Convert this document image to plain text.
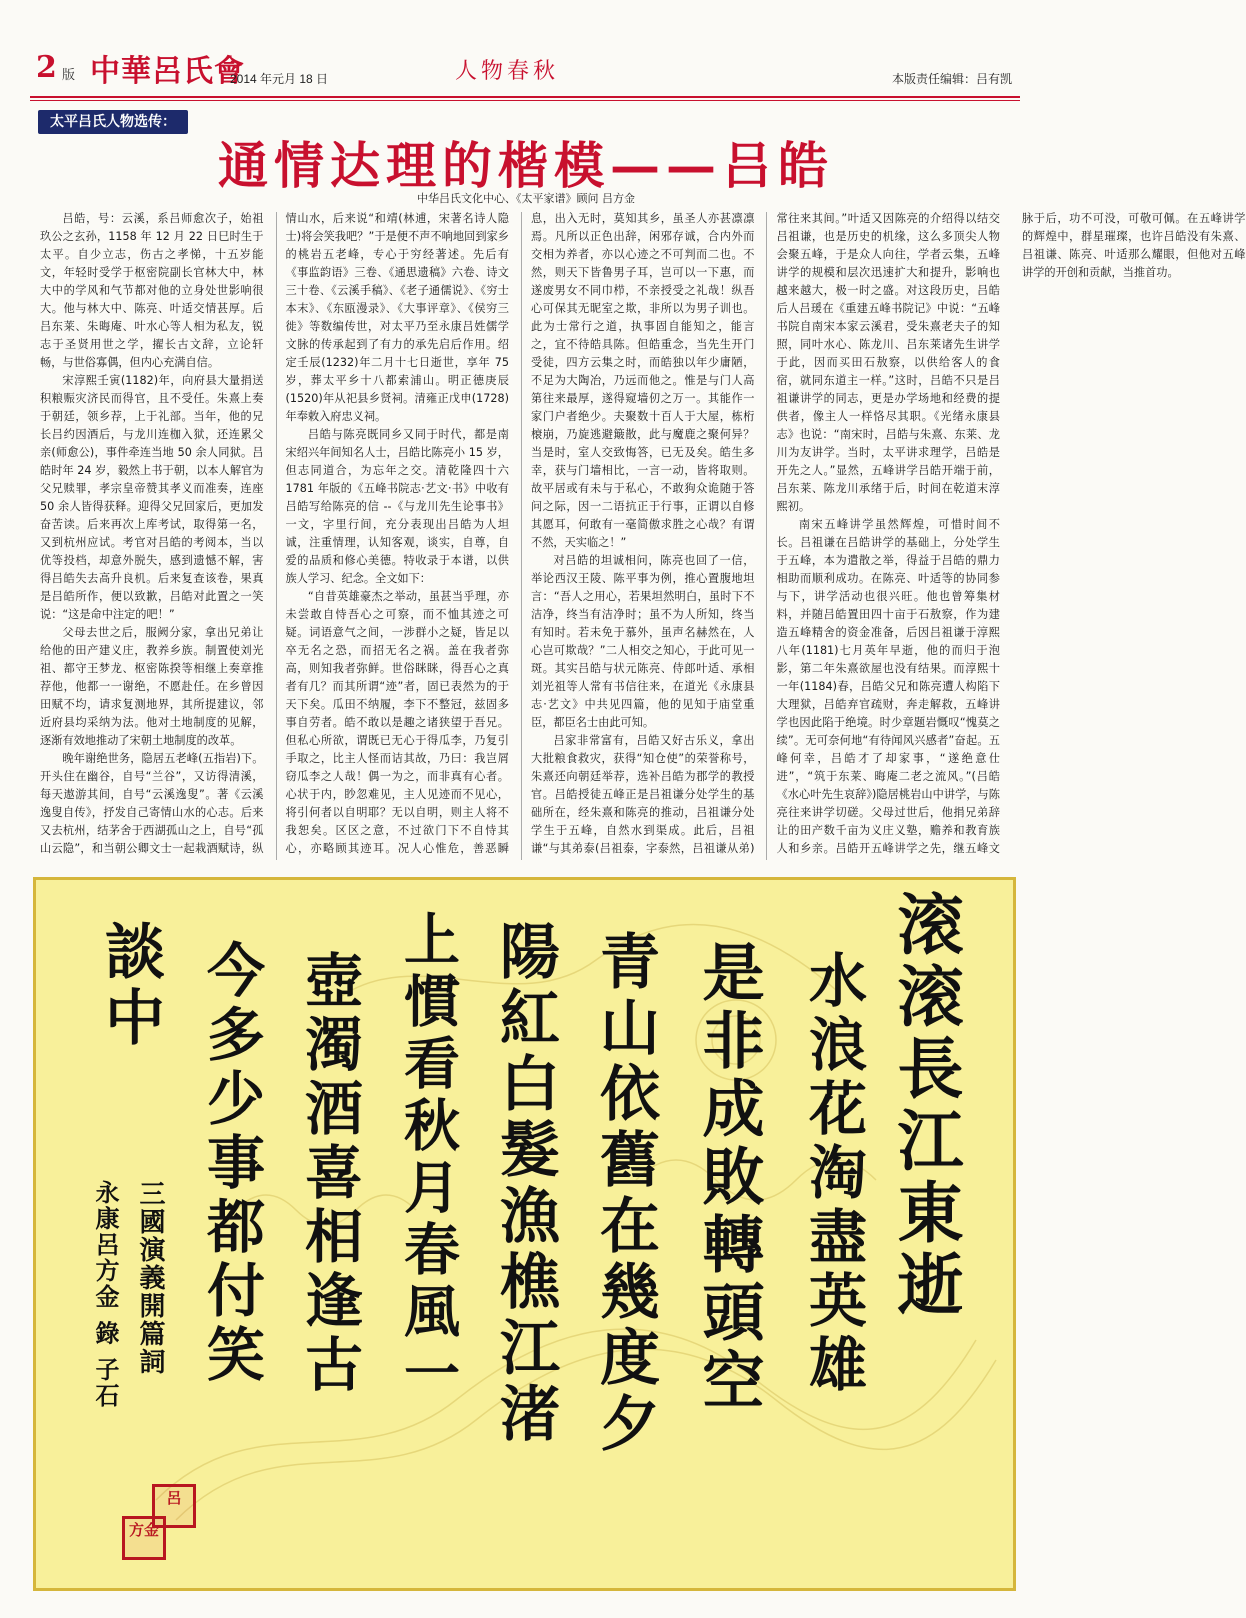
2 版 中華呂氏會
2014 年元月 18 日	人物春秋	本版责任编辑：吕有凯
太平吕氏人物选传：
通情达理的楷模——吕皓
中华吕氏文化中心、《太平家谱》顾问 吕方金

吕皓，号：云溪，系吕师愈次子，始祖玖公之玄孙，1158 年 12 月 22 日巳时生于太平。自少立志，伤古之孝悌，十五岁能文，年轻时受学于枢密院副长官林大中，林大中的学风和气节都对他的立身处世影响很大。他与林大中、陈亮、叶适交情甚厚。后吕东莱、朱晦庵、叶水心等人相为私友，锐志于圣贤用世之学，擢长古文辞，立论轩畅，与世俗寡偶，但内心充满自信。

宋淳熙壬寅(1182)年，向府县大量捐送积粮赈灾济民而得官，且不受任。朱熹上奏于朝廷，领乡荐，上于礼部。当年，他的兄长吕约因酒后，与龙川连枷入狱，还连累父亲(师愈公)，事件牵连当地 50 余人同狱。吕皓时年 24 岁，毅然上书于朝，以本人解官为父兄赎罪，孝宗皇帝赞其孝义而准奏，连座 50 余人皆得获释。迎得父兄回家后，更加发奋苦读。后来再次上库考试，取得第一名，又到杭州应试。考官对吕皓的考阅本，当以优等投档，却意外脱失，感到遗憾不解，害得吕皓失去高升良机。后来复查该卷，果真是吕皓所作，便以致歉，吕皓对此置之一笑说：“这是命中注定的吧！”

父母去世之后，服阙分家，拿出兄弟让给他的田产建义庄，教养乡族。制置使刘光祖、都守王梦龙、枢密陈揆等相继上奏章推荐他，他都一一谢绝，不愿赴任。在乡曾因田赋不均，请求复测地界，其所提建议，邻近府县均采纳为法。他对土地制度的见解，逐渐有效地推动了宋朝土地制度的改革。

晚年谢绝世务，隐居五老峰(五指岩)下。开头住在幽谷，自号“兰谷”，又访得清溪，每天遨游其间，自号“云溪逸叟”。著《云溪逸叟自传》，抒发自己寄情山水的心志。后来又去杭州，结茅舍于西湖孤山之上，自号“孤山云隐”，和当朝公卿文士一起栽酒赋诗，纵情山水，后来说“和靖(林逋，宋著名诗人隐士)将会笑我吧？”于是便不声不响地回到家乡的桃岩五老峰，专心于穷经著述。先后有《事监韵语》三卷、《通思遗稿》六卷、诗文三十卷、《云溪手稿》、《老子通儒说》、《穷士本末》、《东瓯漫录》、《大事评章》、《侯穷三徙》等数编传世，对太平乃至永康吕姓儒学文脉的传承起到了有力的承先启后作用。绍定壬辰(1232)年二月十七日逝世，享年 75 岁，葬太平乡十八都索浦山。明正德庚辰(1520)年从祀县乡贤祠。清雍正戊申(1728)年奉敕入府忠义祠。

吕皓与陈亮既同乡又同于时代，都是南宋绍兴年间知名人士，吕皓比陈亮小 15 岁，但志同道合，为忘年之交。清乾隆四十六 1781 年版的《五峰书院志·艺文·书》中收有吕皓写给陈亮的信 --《与龙川先生论事书》一文，字里行间，充分表现出吕皓为人坦诚，注重情理，认知客观，谈实，自尊，自爱的品质和修心美德。特收录于本谱，以供族人学习、纪念。全文如下：

“自昔英雄豪杰之举动，虽甚当乎理，亦未尝敢自恃吾心之可察，而不恤其迹之可疑。词语意气之间，一涉群小之疑，皆足以卒无名之恐，而招无名之祸。盖在我者弥高，则知我者弥鲜。世俗眯眯，得吾心之真者有几？而其所谓“迹”者，固已表然为的于天下矣。瓜田不纳履，李下不整冠，兹固多事自劳者。皓不敢以是趣之诸狭望于吾兄。但私心所欲，谓既已无心于得瓜李，乃复引手取之，比主人怪而诘其故，乃曰：我岂屑窃瓜李之人哉！偶一为之，而非真有心者。心状于内，眇忽难见，主人见迹而不见心，将引何者以自明耶？无以自明，则主人将不我恕矣。区区之意，不过欲门下不自恃其心，亦略顾其迹耳。况人心惟危，善恶瞬息，出入无时，莫知其乡，虽圣人亦甚凛凛焉。凡所以正色出辞，闲邪存诚，合内外而交相为养者，亦以心迹之不可判而二也。不然，则天下皆鲁男子耳，岂可以一下惠，而遂废男女不同巾栉，不亲授受之礼哉！纵吾心可保其无昵室之欺，非所以为男子训也。此为士常行之道，执事固自能知之，能言之，宜不待皓具陈。但皓重念，当先生开门受徒，四方云集之时，而皓独以年少庸陋，不足为大陶冶，乃远而他之。惟是与门人高第往来最厚，遂得窥墙仞之万一。其能作一家门户者绝少。夫聚数十百人于大屋，栋桁榱崩，乃旋逃避簸散，此与魔鹿之聚何异？当是时，室人交致悔答，已无及矣。皓生多幸，获与门墙相比，一言一动，皆将取则。故平居或有未与于私心，不敢狗众诡随于答问之际，因一二语抗正于行事，正谓以自修其愿耳，何敢有一毫简傲求胜之心哉？有谓不然，天实临之！”

对吕皓的坦诚相问，陈亮也回了一信，举论西汉王陵、陈平事为例，推心置腹地坦言：“吾人之用心，若果坦然明白，虽时下不洁净，终当有洁净时；虽不为人所知，终当有知时。若未免于慕外，虽声名赫然在，人心岂可欺哉？”二人相交之知心，于此可见一斑。其实吕皓与状元陈亮、侍郎叶适、承相刘光祖等人常有书信往来，在道光《永康县志·艺文》中共见四篇，他的见知于庙堂重臣，都臣名士由此可知。

吕家非常富有，吕皓又好古乐义，拿出大批粮食救灾，获得“知仓使”的荣誉称号，朱熹还向朝廷举荐，选补吕皓为郡学的教授官。吕皓授徒五峰正是吕祖谦分处学生的基础所在，经朱熹和陈亮的推动，吕祖谦分处学生于五峰，自然水到渠成。此后，吕祖谦“与其弟泰(吕祖泰，字泰然，吕祖谦从弟)常往来其间。”叶适又因陈亮的介绍得以结交吕祖谦，也是历史的机缘，这么多顶尖人物会聚五峰，于是众人向往，学者云集，五峰讲学的规模和层次迅速扩大和提升，影响也越来越大，极一时之盛。对这段历史，吕皓后人吕瑗在《重建五峰书院记》中说：“五峰书院自南宋本家云溪君，受朱熹老夫子的知照，同叶水心、陈龙川、吕东莱诸先生讲学于此，因而买田石敖察，以供给客人的食宿，就同东道主一样。”这时，吕皓不只是吕祖谦讲学的同志，更是办学场地和经费的提供者，像主人一样恪尽其职。《光绪永康县志》也说：“南宋时，吕皓与朱熹、东莱、龙川为友讲学。当时，太平讲求理学，吕皓是开先之人。”显然，五峰讲学吕皓开端于前，吕东莱、陈龙川承绪于后，时间在乾道末淳熙初。

南宋五峰讲学虽然辉煌，可惜时间不长。吕祖谦在吕皓讲学的基础上，分处学生于五峰，本为遣散之举，得益于吕皓的鼎力相助而顺利成功。在陈亮、叶适等的协同参与下，讲学活动也很兴旺。他也曾筹集材料，并随吕皓置田四十亩于石敖察，作为建造五峰精舍的资金准备，后因吕祖谦于淳熙八年(1181)七月英年早逝，他的而归于泡影，第二年朱熹欲屋也没有结果。而淳熙十一年(1184)春，吕皓父兄和陈亮遭人构陷下大理狱，吕皓弃官疏财，奔走解救，五峰讲学也因此陷于绝境。时少章题岩慨叹“愧莫之续”。无可奈何地“有待闻风兴感者”奋起。五峰何幸，吕皓才了却家事，“遂绝意仕进”，“筑于东莱、晦庵二老之流风。”(吕皓《水心叶先生哀辞》)隐居桃岩山中讲学，与陈亮往来讲学切磋。父母过世后，他捐兄弟辞让的田产数千亩为义庄义塾，赡养和教育族人和乡亲。吕皓开五峰讲学之先，继五峰文脉于后，功不可没，可敬可佩。在五峰讲学的辉煌中，群星璀璨，也许吕皓没有朱熹、吕祖谦、陈亮、叶适那么耀眼，但他对五峰讲学的开创和贡献，当推首功。

滚滚長江東逝
水浪花淘盡英雄
是非成敗轉頭空
青山依舊在幾度夕
陽紅白髮漁樵江渚
上慣看秋月春風一
壺濁酒喜相逢古
今多少事都付笑
談中
三國演義開篇詞
永康呂方金 錄 子石
方金
呂
